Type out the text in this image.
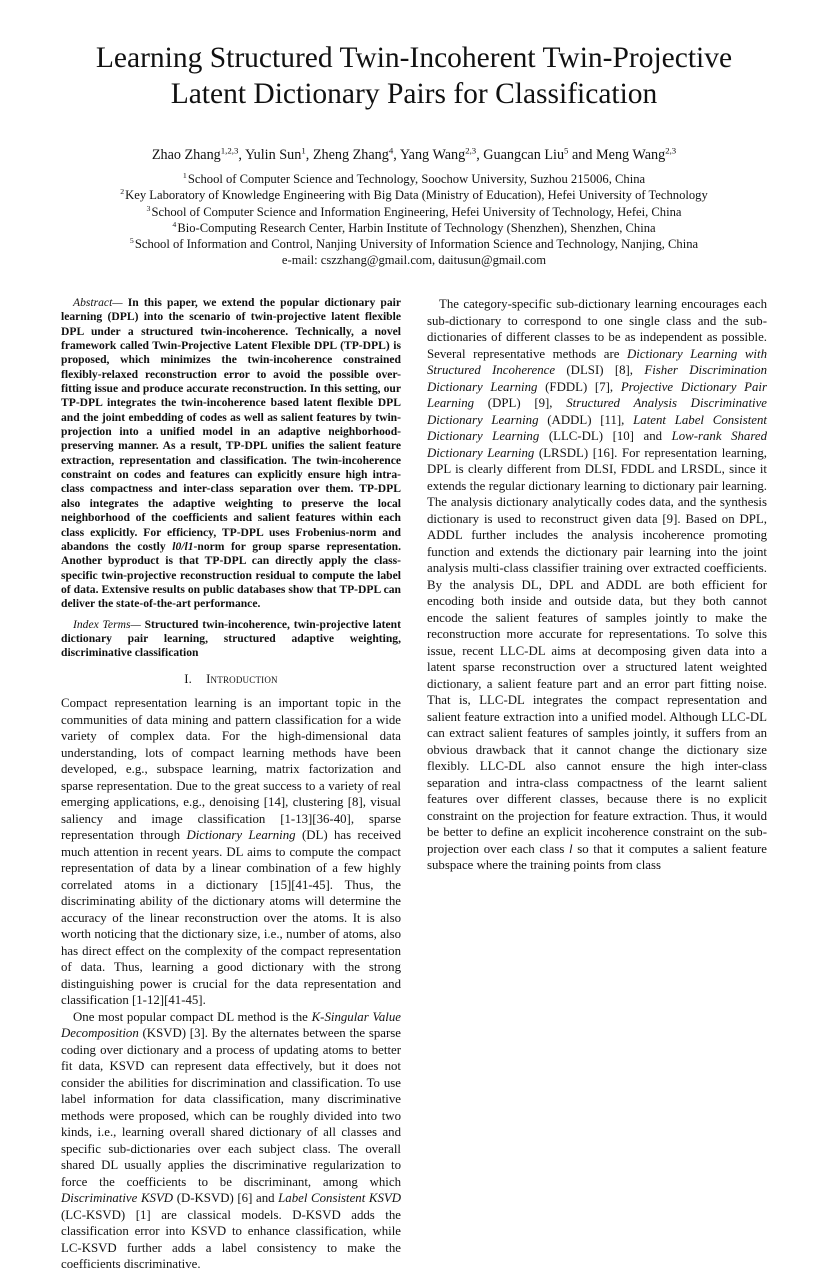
Learning Structured Twin-Incoherent Twin-Projective
Latent Dictionary Pairs for Classification
Zhao Zhang$^{1,2,3}$, Yulin Sun$^1$, Zheng Zhang$^4$, Yang Wang$^{2,3}$, Guangcan Liu$^5$ and Meng Wang$^{2,3}$
$^1$ School of Computer Science and Technology, Soochow University, Suzhou 215006, China
$^2$ Key Laboratory of Knowledge Engineering with Big Data (Ministry of Education), Hefei University of Technology
$^3$ School of Computer Science and Information Engineering, Hefei University of Technology, Hefei, China
$^4$ Bio-Computing Research Center, Harbin Institute of Technology (Shenzhen), Shenzhen, China
$^5$ School of Information and Control, Nanjing University of Information Science and Technology, Nanjing, China
e-mail: cszzhang@gmail.com, daitusun@gmail.com

Abstract— In this paper, we extend the popular dictionary pair learning (DPL) into the scenario of twin-projective latent flexible DPL under a structured twin-incoherence. Technically, a novel framework called Twin-Projective Latent Flexible DPL (TP-DPL) is proposed, which minimizes the twin-incoherence constrained flexibly-relaxed reconstruction error to avoid the possible over-fitting issue and produce accurate reconstruction. In this setting, our TP-DPL integrates the twin-incoherence based latent flexible DPL and the joint embedding of codes as well as salient features by twin-projection into a unified model in an adaptive neighborhood-preserving manner. As a result, TP-DPL unifies the salient feature extraction, representation and classification. The twin-incoherence constraint on codes and features can explicitly ensure high intra-class compactness and inter-class separation over them. TP-DPL also integrates the adaptive weighting to preserve the local neighborhood of the coefficients and salient features within each class explicitly. For efficiency, TP-DPL uses Frobenius-norm and abandons the costly l0/l1-norm for group sparse representation. Another byproduct is that TP-DPL can directly apply the class-specific twin-projective reconstruction residual to compute the label of data. Extensive results on public databases show that TP-DPL can deliver the state-of-the-art performance.

Index Terms— Structured twin-incoherence, twin-projective latent dictionary pair learning, structured adaptive weighting, discriminative classification

I. Introduction

Compact representation learning is an important topic in the communities of data mining and pattern classification for a wide variety of complex data. For the high-dimensional data understanding, lots of compact learning methods have been developed, e.g., subspace learning, matrix factorization and sparse representation. Due to the great success to a variety of real emerging applications, e.g., denoising [14], clustering [8], visual saliency and image classification [1-13][36-40], sparse representation through Dictionary Learning (DL) has received much attention in recent years. DL aims to compute the compact representation of data by a linear combination of a few highly correlated atoms in a dictionary [15][41-45]. Thus, the discriminating ability of the dictionary atoms will determine the accuracy of the linear reconstruction over the atoms. It is also worth noticing that the dictionary size, i.e., number of atoms, also has direct effect on the complexity of the compact representation of data. Thus, learning a good dictionary with the strong distinguishing power is crucial for the data representation and classification [1-12][41-45].

One most popular compact DL method is the K-Singular Value Decomposition (KSVD) [3]. By the alternates between the sparse coding over dictionary and a process of updating atoms to better fit data, KSVD can represent data effectively, but it does not consider the abilities for discrimination and classification. To use label information for data classification, many discriminative methods were proposed, which can be roughly divided into two kinds, i.e., learning overall shared dictionary of all classes and specific sub-dictionaries over each subject class. The overall shared DL usually applies the discriminative regularization to force the coefficients to be discriminant, among which Discriminative KSVD (D-KSVD) [6] and Label Consistent KSVD (LC-KSVD) [1] are classical models. D-KSVD adds the classification error into KSVD to enhance classification, while LC-KSVD further adds a label consistency to make the coefficients discriminative.

The category-specific sub-dictionary learning encourages each sub-dictionary to correspond to one single class and the sub-dictionaries of different classes to be as independent as possible. Several representative methods are Dictionary Learning with Structured Incoherence (DLSI) [8], Fisher Discrimination Dictionary Learning (FDDL) [7], Projective Dictionary Pair Learning (DPL) [9], Structured Analysis Discriminative Dictionary Learning (ADDL) [11], Latent Label Consistent Dictionary Learning (LLC-DL) [10] and Low-rank Shared Dictionary Learning (LRSDL) [16]. For representation learning, DPL is clearly different from DLSI, FDDL and LRSDL, since it extends the regular dictionary learning to dictionary pair learning. The analysis dictionary analytically codes data, and the synthesis dictionary is used to reconstruct given data [9]. Based on DPL, ADDL further includes the analysis incoherence promoting function and extends the dictionary pair learning into the joint analysis multi-class classifier training over extracted coefficients. By the analysis DL, DPL and ADDL are both efficient for encoding both inside and outside data, but they both cannot encode the salient features of samples jointly to make the reconstruction more accurate for representations. To solve this issue, recent LLC-DL aims at decomposing given data into a latent sparse reconstruction over a structured latent weighted dictionary, a salient feature part and an error part fitting noise. That is, LLC-DL integrates the compact representation and salient feature extraction into a unified model. Although LLC-DL can extract salient features of samples jointly, it suffers from an obvious drawback that it cannot change the dictionary size flexibly. LLC-DL also cannot ensure the high inter-class separation and intra-class compactness of the learnt salient features over different classes, because there is no explicit constraint on the projection for feature extraction. Thus, it would be better to define an explicit incoherence constraint on the sub-projection over each class l so that it computes a salient feature subspace where the training points from class
